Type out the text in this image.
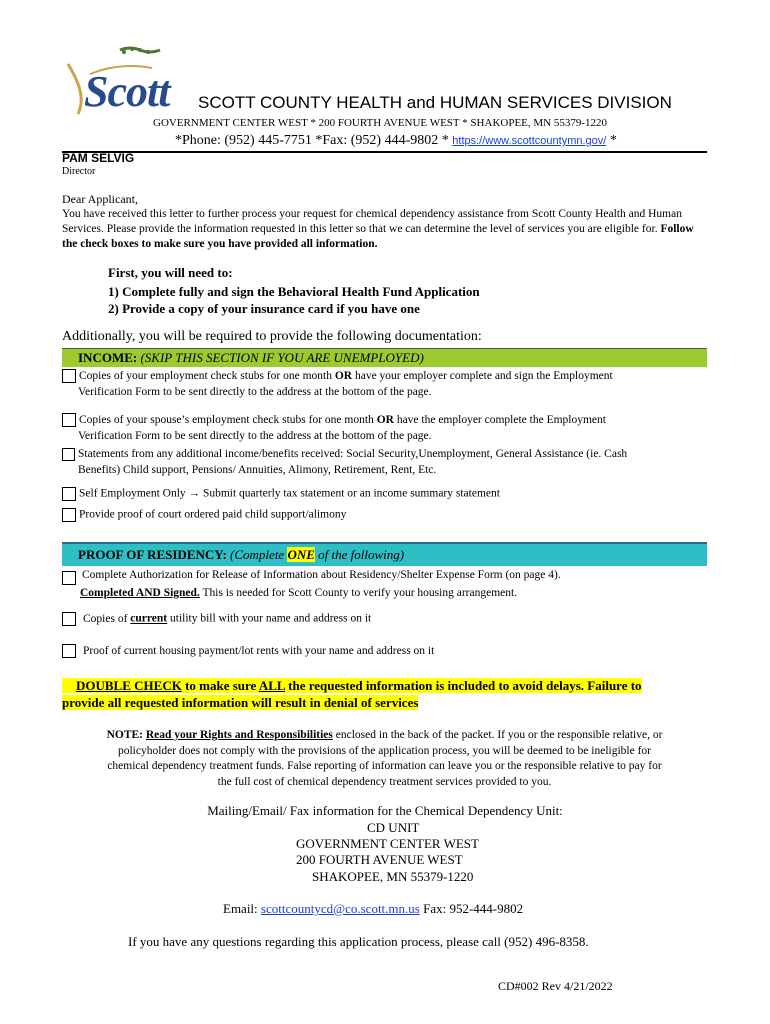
Scott SCOTT COUNTY HEALTH and HUMAN SERVICES DIVISION
GOVERNMENT CENTER WEST * 200 FOURTH AVENUE WEST * SHAKOPEE, MN 55379-1220
*Phone: (952) 445-7751 *Fax: (952) 444-9802 * https://www.scottcountymn.gov/ *
PAM SELVIG
Director
Dear Applicant,
You have received this letter to further process your request for chemical dependency assistance from Scott County Health and Human Services. Please provide the information requested in this letter so that we can determine the level of services you are eligible for. Follow the check boxes to make sure you have provided all information.
First, you will need to:
1) Complete fully and sign the Behavioral Health Fund Application
2) Provide a copy of your insurance card if you have one
Additionally, you will be required to provide the following documentation:
INCOME: (SKIP THIS SECTION IF YOU ARE UNEMPLOYED)
Copies of your employment check stubs for one month OR have your employer complete and sign the Employment
Verification Form to be sent directly to the address at the bottom of the page.
Copies of your spouse’s employment check stubs for one month OR have the employer complete the Employment
Verification Form to be sent directly to the address at the bottom of the page.
Statements from any additional income/benefits received: Social Security,Unemployment, General Assistance (ie. Cash
Benefits) Child support, Pensions/ Annuities, Alimony, Retirement, Rent, Etc.
Self Employment Only → Submit quarterly tax statement or an income summary statement
Provide proof of court ordered paid child support/alimony
PROOF OF RESIDENCY: (Complete ONE of the following)
Complete Authorization for Release of Information about Residency/Shelter Expense Form (on page 4).
Completed AND Signed. This is needed for Scott County to verify your housing arrangement.
Copies of current utility bill with your name and address on it
Proof of current housing payment/lot rents with your name and address on it
DOUBLE CHECK to make sure ALL the requested information is included to avoid delays. Failure to
provide all requested information will result in denial of services
NOTE: Read your Rights and Responsibilities enclosed in the back of the packet. If you or the responsible relative, or
policyholder does not comply with the provisions of the application process, you will be deemed to be ineligible for
chemical dependency treatment funds. False reporting of information can leave you or the responsible relative to pay for
the full cost of chemical dependency treatment services provided to you.
Mailing/Email/ Fax information for the Chemical Dependency Unit:
CD UNIT
GOVERNMENT CENTER WEST
200 FOURTH AVENUE WEST
SHAKOPEE, MN 55379-1220
Email: scottcountycd@co.scott.mn.us Fax: 952-444-9802
If you have any questions regarding this application process, please call (952) 496-8358.
CD#002 Rev 4/21/2022
